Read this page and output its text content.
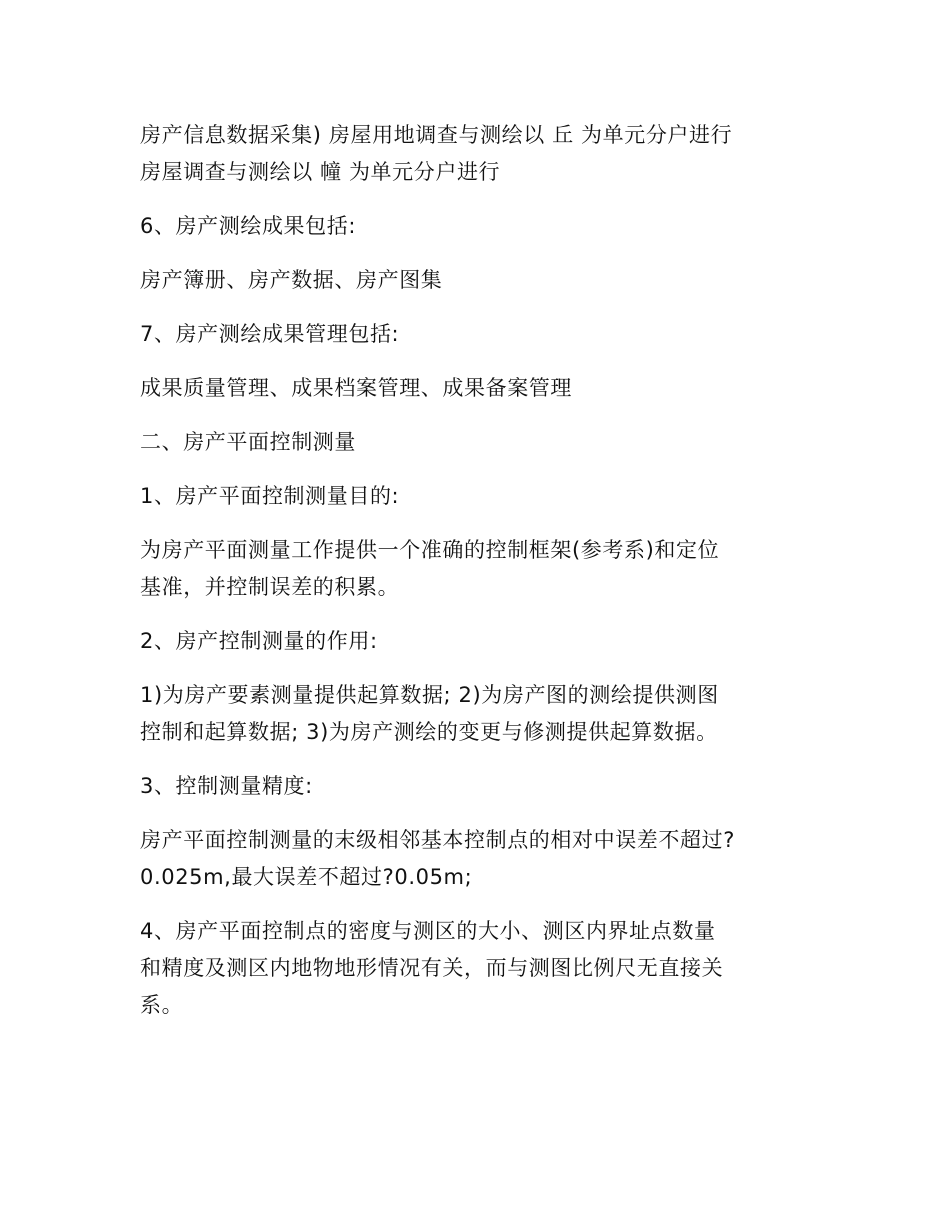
房产信息数据采集) 房屋用地调查与测绘以 丘 为单元分户进行
房屋调查与测绘以 幢 为单元分户进行

6、房产测绘成果包括:

房产簿册、房产数据、房产图集

7、房产测绘成果管理包括:

成果质量管理、成果档案管理、成果备案管理

二、房产平面控制测量

1、房产平面控制测量目的:

为房产平面测量工作提供一个准确的控制框架(参考系)和定位
基准，并控制误差的积累。

2、房产控制测量的作用:

1)为房产要素测量提供起算数据; 2)为房产图的测绘提供测图
控制和起算数据; 3)为房产测绘的变更与修测提供起算数据。

3、控制测量精度:

房产平面控制测量的末级相邻基本控制点的相对中误差不超过?
0.025m,最大误差不超过?0.05m;

4、房产平面控制点的密度与测区的大小、测区内界址点数量
和精度及测区内地物地形情况有关，而与测图比例尺无直接关
系。
